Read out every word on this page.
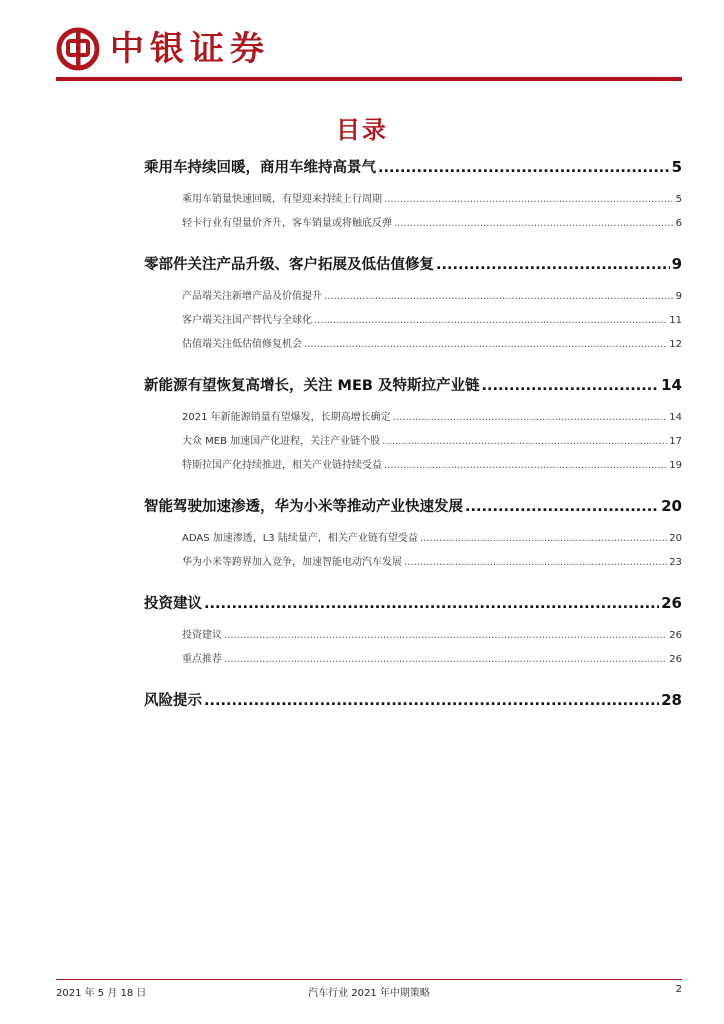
中银证券
目录
乘用车持续回暖，商用车维持高景气 .....	5
乘用车销量快速回暖，有望迎来持续上行周期 .....	5
轻卡行业有望量价齐升，客车销量或将触底反弹 .....	6
零部件关注产品升级、客户拓展及低估值修复 .....	9
产品端关注新增产品及价值提升 .....	9
客户端关注国产替代与全球化 .....	11
估值端关注低估值修复机会 .....	12
新能源有望恢复高增长，关注 MEB 及特斯拉产业链 .....	14
2021 年新能源销量有望爆发，长期高增长确定 .....	14
大众 MEB 加速国产化进程，关注产业链个股 .....	17
特斯拉国产化持续推进，相关产业链持续受益 .....	19
智能驾驶加速渗透，华为小米等推动产业快速发展 .....	20
ADAS 加速渗透，L3 陆续量产，相关产业链有望受益 .....	20
华为小米等跨界加入竞争，加速智能电动汽车发展 .....	23
投资建议 .....	26
投资建议 .....	26
重点推荐 .....	26
风险提示 .....	28
2021 年 5 月 18 日	汽车行业 2021 年中期策略	2
